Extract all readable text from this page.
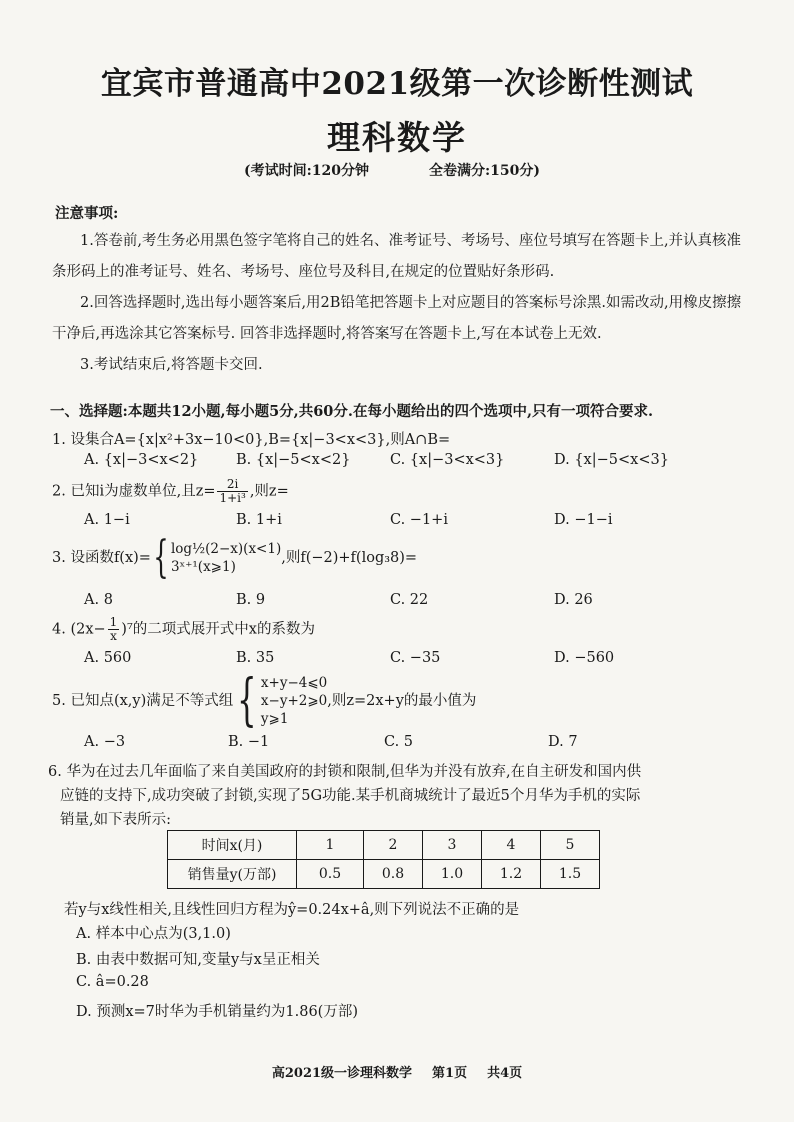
宜宾市普通高中2021级第一次诊断性测试
理科数学
(考试时间:120分钟	全卷满分:150分)
注意事项:
1.答卷前,考生务必用黑色签字笔将自己的姓名、准考证号、考场号、座位号填写在答题卡上,并认真核准条形码上的准考证号、姓名、考场号、座位号及科目,在规定的位置贴好条形码.
2.回答选择题时,选出每小题答案后,用2B铅笔把答题卡上对应题目的答案标号涂黑.如需改动,用橡皮擦擦干净后,再选涂其它答案标号. 回答非选择题时,将答案写在答题卡上,写在本试卷上无效.
3.考试结束后,将答题卡交回.
一、选择题:本题共12小题,每小题5分,共60分.在每小题给出的四个选项中,只有一项符合要求.
1. 设集合A={x|x²+3x−10<0},B={x|−3<x<3},则A∩B=
A. {x|−3<x<2}	B. {x|−5<x<2}	C. {x|−3<x<3}	D. {x|−5<x<3}
2. 已知i为虚数单位,且$z= \frac{2i}{\text{1+i³}}$ ,则z=
A. 1−i	B. 1+i	C. −1+i	D. −1−i
3. 设函数f(x)={ log½(2−x)(x<1)
3ˣ⁺¹(x⩾1)
,则f(−2)+f(log₃8)=
A. 8	B. 9	C. 22	D. 26
4. $(2x- \frac{1}{x} )^7$的二项式展开式中x的系数为
A. 560	B. 35	C. −35	D. −560
5. 已知点(x,y)满足不等式组{ x+y−4⩽0
x−y+2⩾0
y⩾1
,则z=2x+y的最小值为
A. −3	B. −1	C. 5	D. 7
6. 华为在过去几年面临了来自美国政府的封锁和限制,但华为并没有放弃,在自主研发和国内供
应链的支持下,成功突破了封锁,实现了5G功能.某手机商城统计了最近5个月华为手机的实际
销量,如下表所示:
时间x(月)	1	2	3	4	5
销售量y(万部)	0.5	0.8	1.0	1.2	1.5
若y与x线性相关,且线性回归方程为ŷ=0.24x+â,则下列说法不正确的是
A. 样本中心点为(3,1.0)
B. 由表中数据可知,变量y与x呈正相关
C. â=0.28
D. 预测x=7时华为手机销量约为1.86(万部)
高2021级一诊理科数学 第1页 共4页
